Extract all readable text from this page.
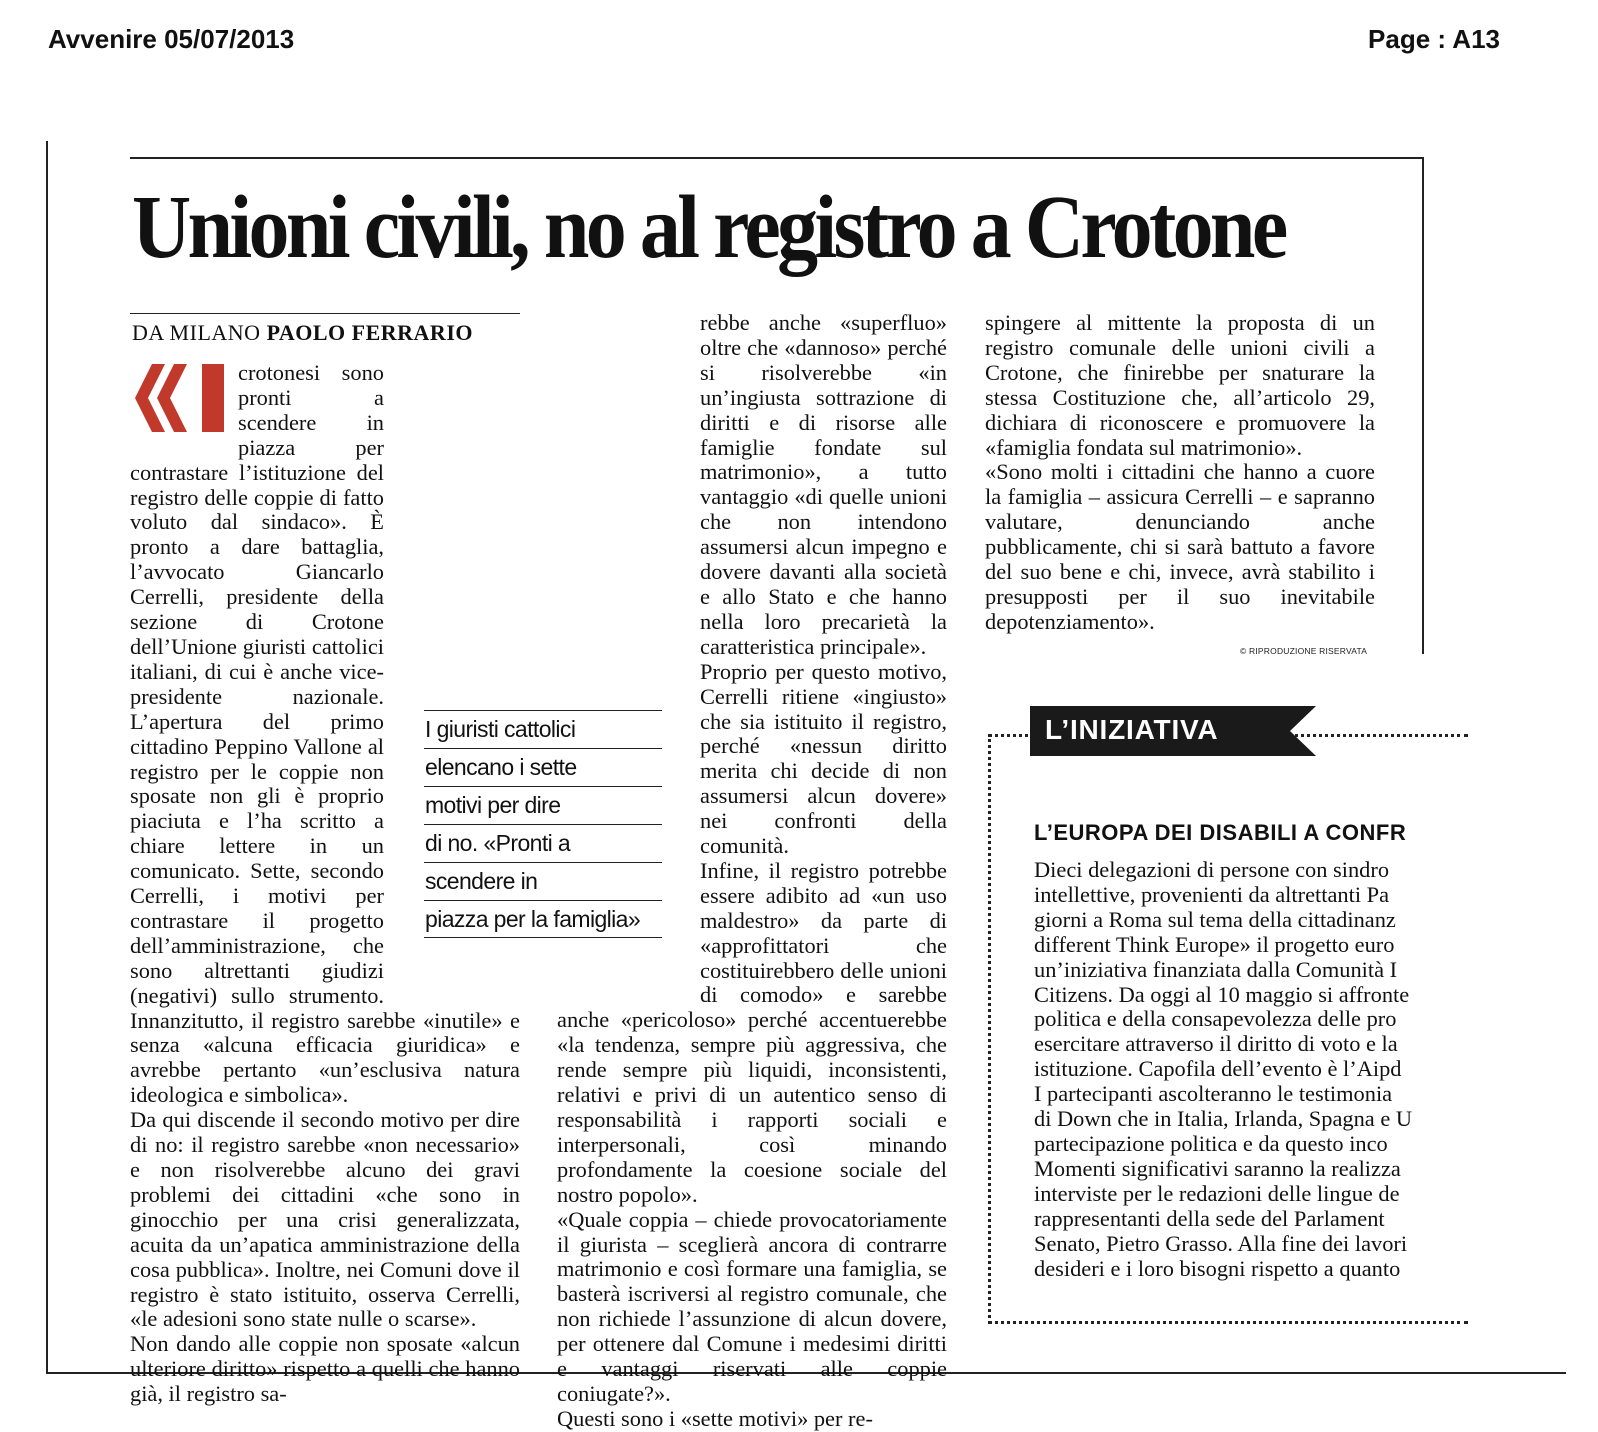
Avvenire 05/07/2013	Page : A13
Unioni civili, no al registro a Crotone
DA MILANO PAOLO FERRARIO

crotonesi sono pronti a scendere in piazza per contrastare l’istituzione del registro delle coppie di fatto voluto dal sindaco». È pronto a dare battaglia, l’avvocato Giancarlo Cerrelli, presidente della sezione di Crotone dell’Unione giuristi cattolici italiani, di cui è anche vice-presidente nazionale. L’apertura del primo cittadino Peppino Vallone al registro per le coppie non sposate non gli è proprio piaciuta e l’ha scritto a chiare lettere in un comunicato. Sette, secondo Cerrelli, i motivi per contrastare il progetto dell’amministrazione, che sono altrettanti giudizi (negativi) sullo strumento. Innanzitutto, il registro sarebbe «inutile» e senza «alcuna efficacia giuridica» e avrebbe pertanto «un’esclusiva natura ideologica e simbolica».

Da qui discende il secondo motivo per dire di no: il registro sarebbe «non necessario» e non risolverebbe alcuno dei gravi problemi dei cittadini «che sono in ginocchio per una crisi generalizzata, acuita da un’apatica amministrazione della cosa pubblica». Inoltre, nei Comuni dove il registro è stato istituito, osserva Cerrelli, «le adesioni sono state nulle o scarse».

Non dando alle coppie non sposate «alcun ulteriore diritto» rispetto a quelli che hanno già, il registro sa-

rebbe anche «superfluo» oltre che «dannoso» perché si risolverebbe «in un’ingiusta sottrazione di diritti e di risorse alle famiglie fondate sul matrimonio», a tutto vantaggio «di quelle unioni che non intendono assumersi alcun impegno e dovere davanti alla società e allo Stato e che hanno nella loro precarietà la caratteristica principale».

Proprio per questo motivo, Cerrelli ritiene «ingiusto» che sia istituito il registro, perché «nessun diritto merita chi decide di non assumersi alcun dovere» nei confronti della comunità.

Infine, il registro potrebbe essere adibito ad «un uso maldestro» da parte di «approfittatori che costituirebbero delle unioni di comodo» e sarebbe anche «pericoloso» perché accentuerebbe «la tendenza, sempre più aggressiva, che rende sempre più liquidi, inconsistenti, relativi e privi di un autentico senso di responsabilità i rapporti sociali e interpersonali, così minando profondamente la coesione sociale del nostro popolo».

«Quale coppia – chiede provocatoriamente il giurista – sceglierà ancora di contrarre matrimonio e così formare una famiglia, se basterà iscriversi al registro comunale, che non richiede l’assunzione di alcun dovere, per ottenere dal Comune i medesimi diritti e vantaggi riservati alle coppie coniugate?».

Questi sono i «sette motivi» per re-

spingere al mittente la proposta di un registro comunale delle unioni civili a Crotone, che finirebbe per snaturare la stessa Costituzione che, all’articolo 29, dichiara di riconoscere e promuovere la «famiglia fondata sul matrimonio».

«Sono molti i cittadini che hanno a cuore la famiglia – assicura Cerrelli – e sapranno valutare, denunciando anche pubblicamente, chi si sarà battuto a favore del suo bene e chi, invece, avrà stabilito i presupposti per il suo inevitabile depotenziamento».

© RIPRODUZIONE RISERVATA
I giuristi cattolici
elencano i sette
motivi per dire
di no. «Pronti a
scendere in
piazza per la famiglia»
L’INIZIATIVA
L’EUROPA DEI DISABILI A CONFR
Dieci delegazioni di persone con sindro
intellettive, provenienti da altrettanti Pa
giorni a Roma sul tema della cittadinanz
different Think Europe» il progetto euro
un’iniziativa finanziata dalla Comunità I
Citizens. Da oggi al 10 maggio si affronte
politica e della consapevolezza delle pro
esercitare attraverso il diritto di voto e la
istituzione. Capofila dell’evento è l’Aipd
I partecipanti ascolteranno le testimonia
di Down che in Italia, Irlanda, Spagna e U
partecipazione politica e da questo inco
Momenti significativi saranno la realizza
interviste per le redazioni delle lingue de
rappresentanti della sede del Parlament
Senato, Pietro Grasso. Alla fine dei lavori
desideri e i loro bisogni rispetto a quanto
